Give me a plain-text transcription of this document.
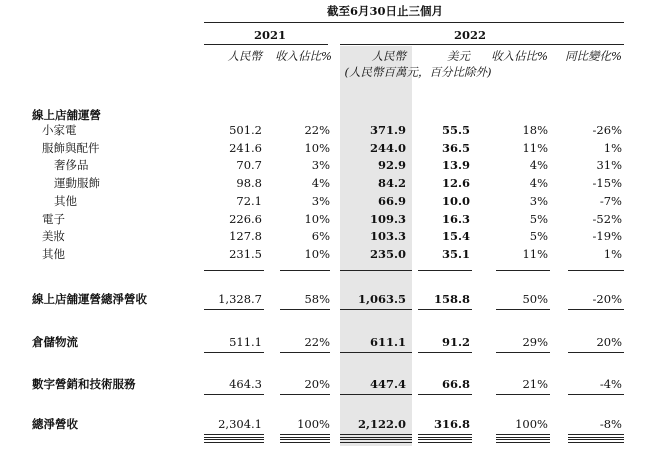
截至6月30日止三個月
2021	2022
人民幣	收入佔比%	人民幣	美元	收入佔比%	同比變化%
(人民幣百萬元，百分比除外)
線上店舖運營
小家電	501.2	22%	371.9	55.5	18%	-26%
服飾與配件	241.6	10%	244.0	36.5	11%	1%
奢侈品	70.7	3%	92.9	13.9	4%	31%
運動服飾	98.8	4%	84.2	12.6	4%	-15%
其他	72.1	3%	66.9	10.0	3%	-7%
電子	226.6	10%	109.3	16.3	5%	-52%
美妝	127.8	6%	103.3	15.4	5%	-19%
其他	231.5	10%	235.0	35.1	11%	1%
線上店舖運營總淨營收	1,328.7	58%	1,063.5	158.8	50%	-20%
倉儲物流	511.1	22%	611.1	91.2	29%	20%
數字營銷和技術服務	464.3	20%	447.4	66.8	21%	-4%
總淨營收	2,304.1	100%	2,122.0	316.8	100%	-8%
